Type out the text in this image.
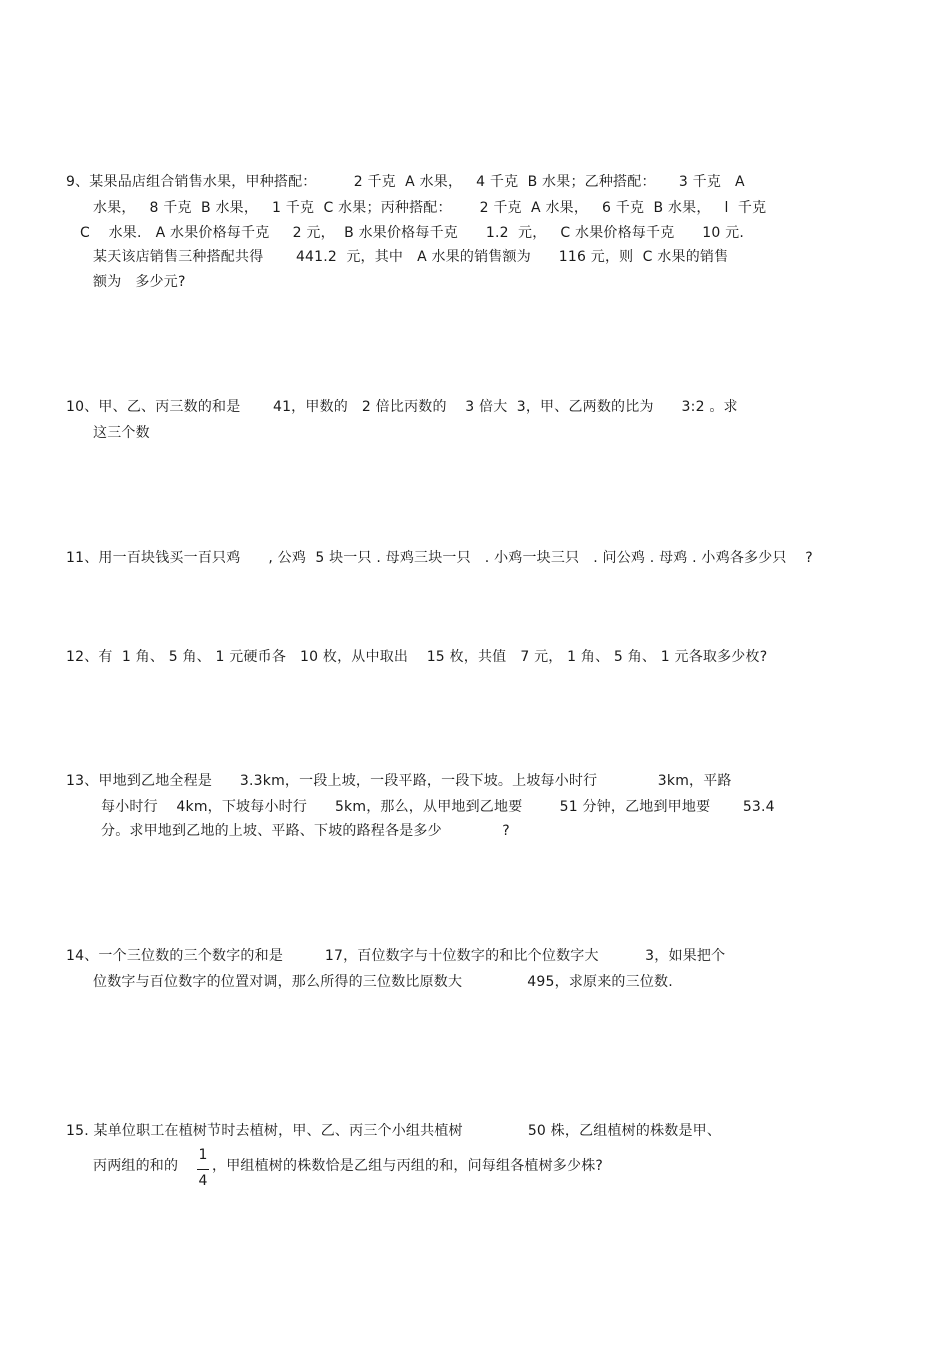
9、某果品店组合销售水果，甲种搭配：        2 千克  A 水果，   4 千克  B 水果；乙种搭配：     3 千克   A
水果，   8 千克  B 水果，   1 千克  C 水果；丙种搭配：      2 千克  A 水果，   6 千克  B 水果，   l  千克
C    水果.   A 水果价格每千克     2 元，  B 水果价格每千克      1.2  元，   C 水果价格每千克      10 元.
某天该店销售三种搭配共得       441.2  元，其中   A 水果的销售额为      116 元，则  C 水果的销售
额为   多少元?
10、甲、乙、丙三数的和是       41，甲数的   2 倍比丙数的    3 倍大  3，甲、乙两数的比为      3:2 。求
这三个数
11、用一百块钱买一百只鸡      , 公鸡  5 块一只 . 母鸡三块一只   . 小鸡一块三只   . 问公鸡 . 母鸡 . 小鸡各多少只    ?
12、有  1 角、 5 角、 1 元硬币各   10 枚，从中取出    15 枚，共值   7 元， 1 角、 5 角、 1 元各取多少枚?
13、甲地到乙地全程是      3.3km，一段上坡，一段平路，一段下坡。上坡每小时行             3km，平路
每小时行    4km，下坡每小时行      5km，那么，从甲地到乙地要        51 分钟，乙地到甲地要       53.4
分。求甲地到乙地的上坡、平路、下坡的路程各是多少             ?
14、一个三位数的三个数字的和是         17，百位数字与十位数字的和比个位数字大          3，如果把个
位数字与百位数字的位置对调，那么所得的三位数比原数大              495，求原来的三位数.
15. 某单位职工在植树节时去植树，甲、乙、丙三个小组共植树              50 株，乙组植树的株数是甲、
丙两组的和的
1
4
，甲组植树的株数恰是乙组与丙组的和，问每组各植树多少株?
